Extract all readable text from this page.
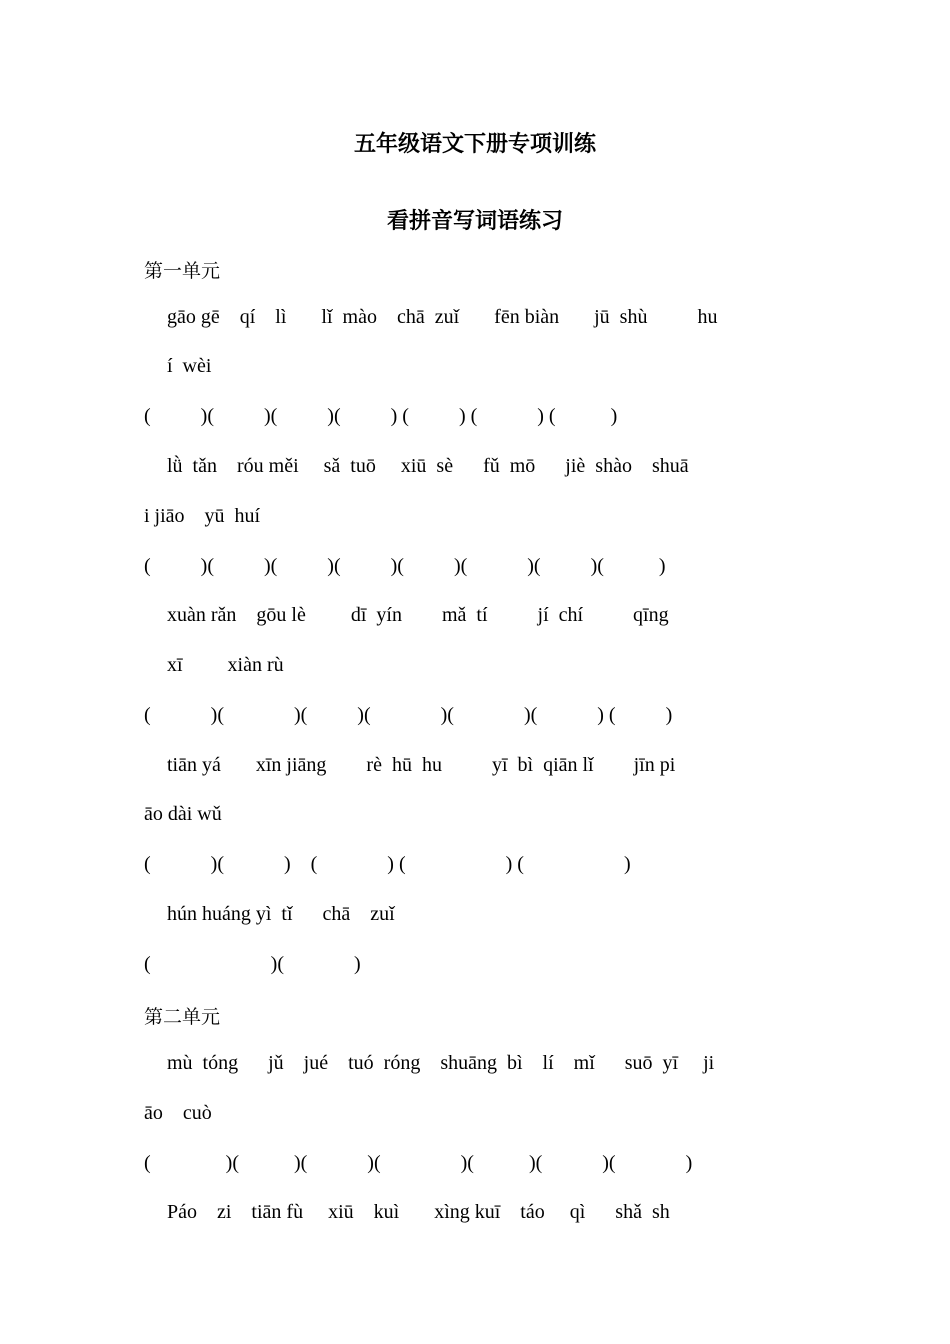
五年级语文下册专项训练
看拼音写词语练习
第一单元
gāo gē    qí    lì       lǐ  mào    chā  zuǐ       fēn biàn       jū  shù          hu
í  wèi
(          )(          )(          )(          ) (          ) (            ) (           )
lǜ  tǎn    róu měi     sǎ  tuō     xiū  sè      fǔ  mō      jiè  shào    shuā
i jiāo    yū  huí
(          )(          )(          )(          )(          )(            )(          )(           )
xuàn rǎn    gōu lè         dī  yín        mǎ  tí          jí  chí          qīng
xī         xiàn rù
(            )(              )(          )(              )(              )(            ) (          )
tiān yá       xīn jiāng        rè  hū  hu          yī  bì  qiān lǐ        jīn pi
āo dài wǔ
(            )(            )    (              ) (                    ) (                    )
hún huáng yì  tǐ      chā    zuǐ
(                        )(              )
第二单元
mù  tóng      jǔ    jué    tuó  róng    shuāng  bì    lí    mǐ      suō  yī     ji
āo    cuò
(               )(           )(            )(                )(           )(            )(              )
Páo    zi    tiān fù     xiū    kuì       xìng kuī    táo     qì      shǎ  sh
